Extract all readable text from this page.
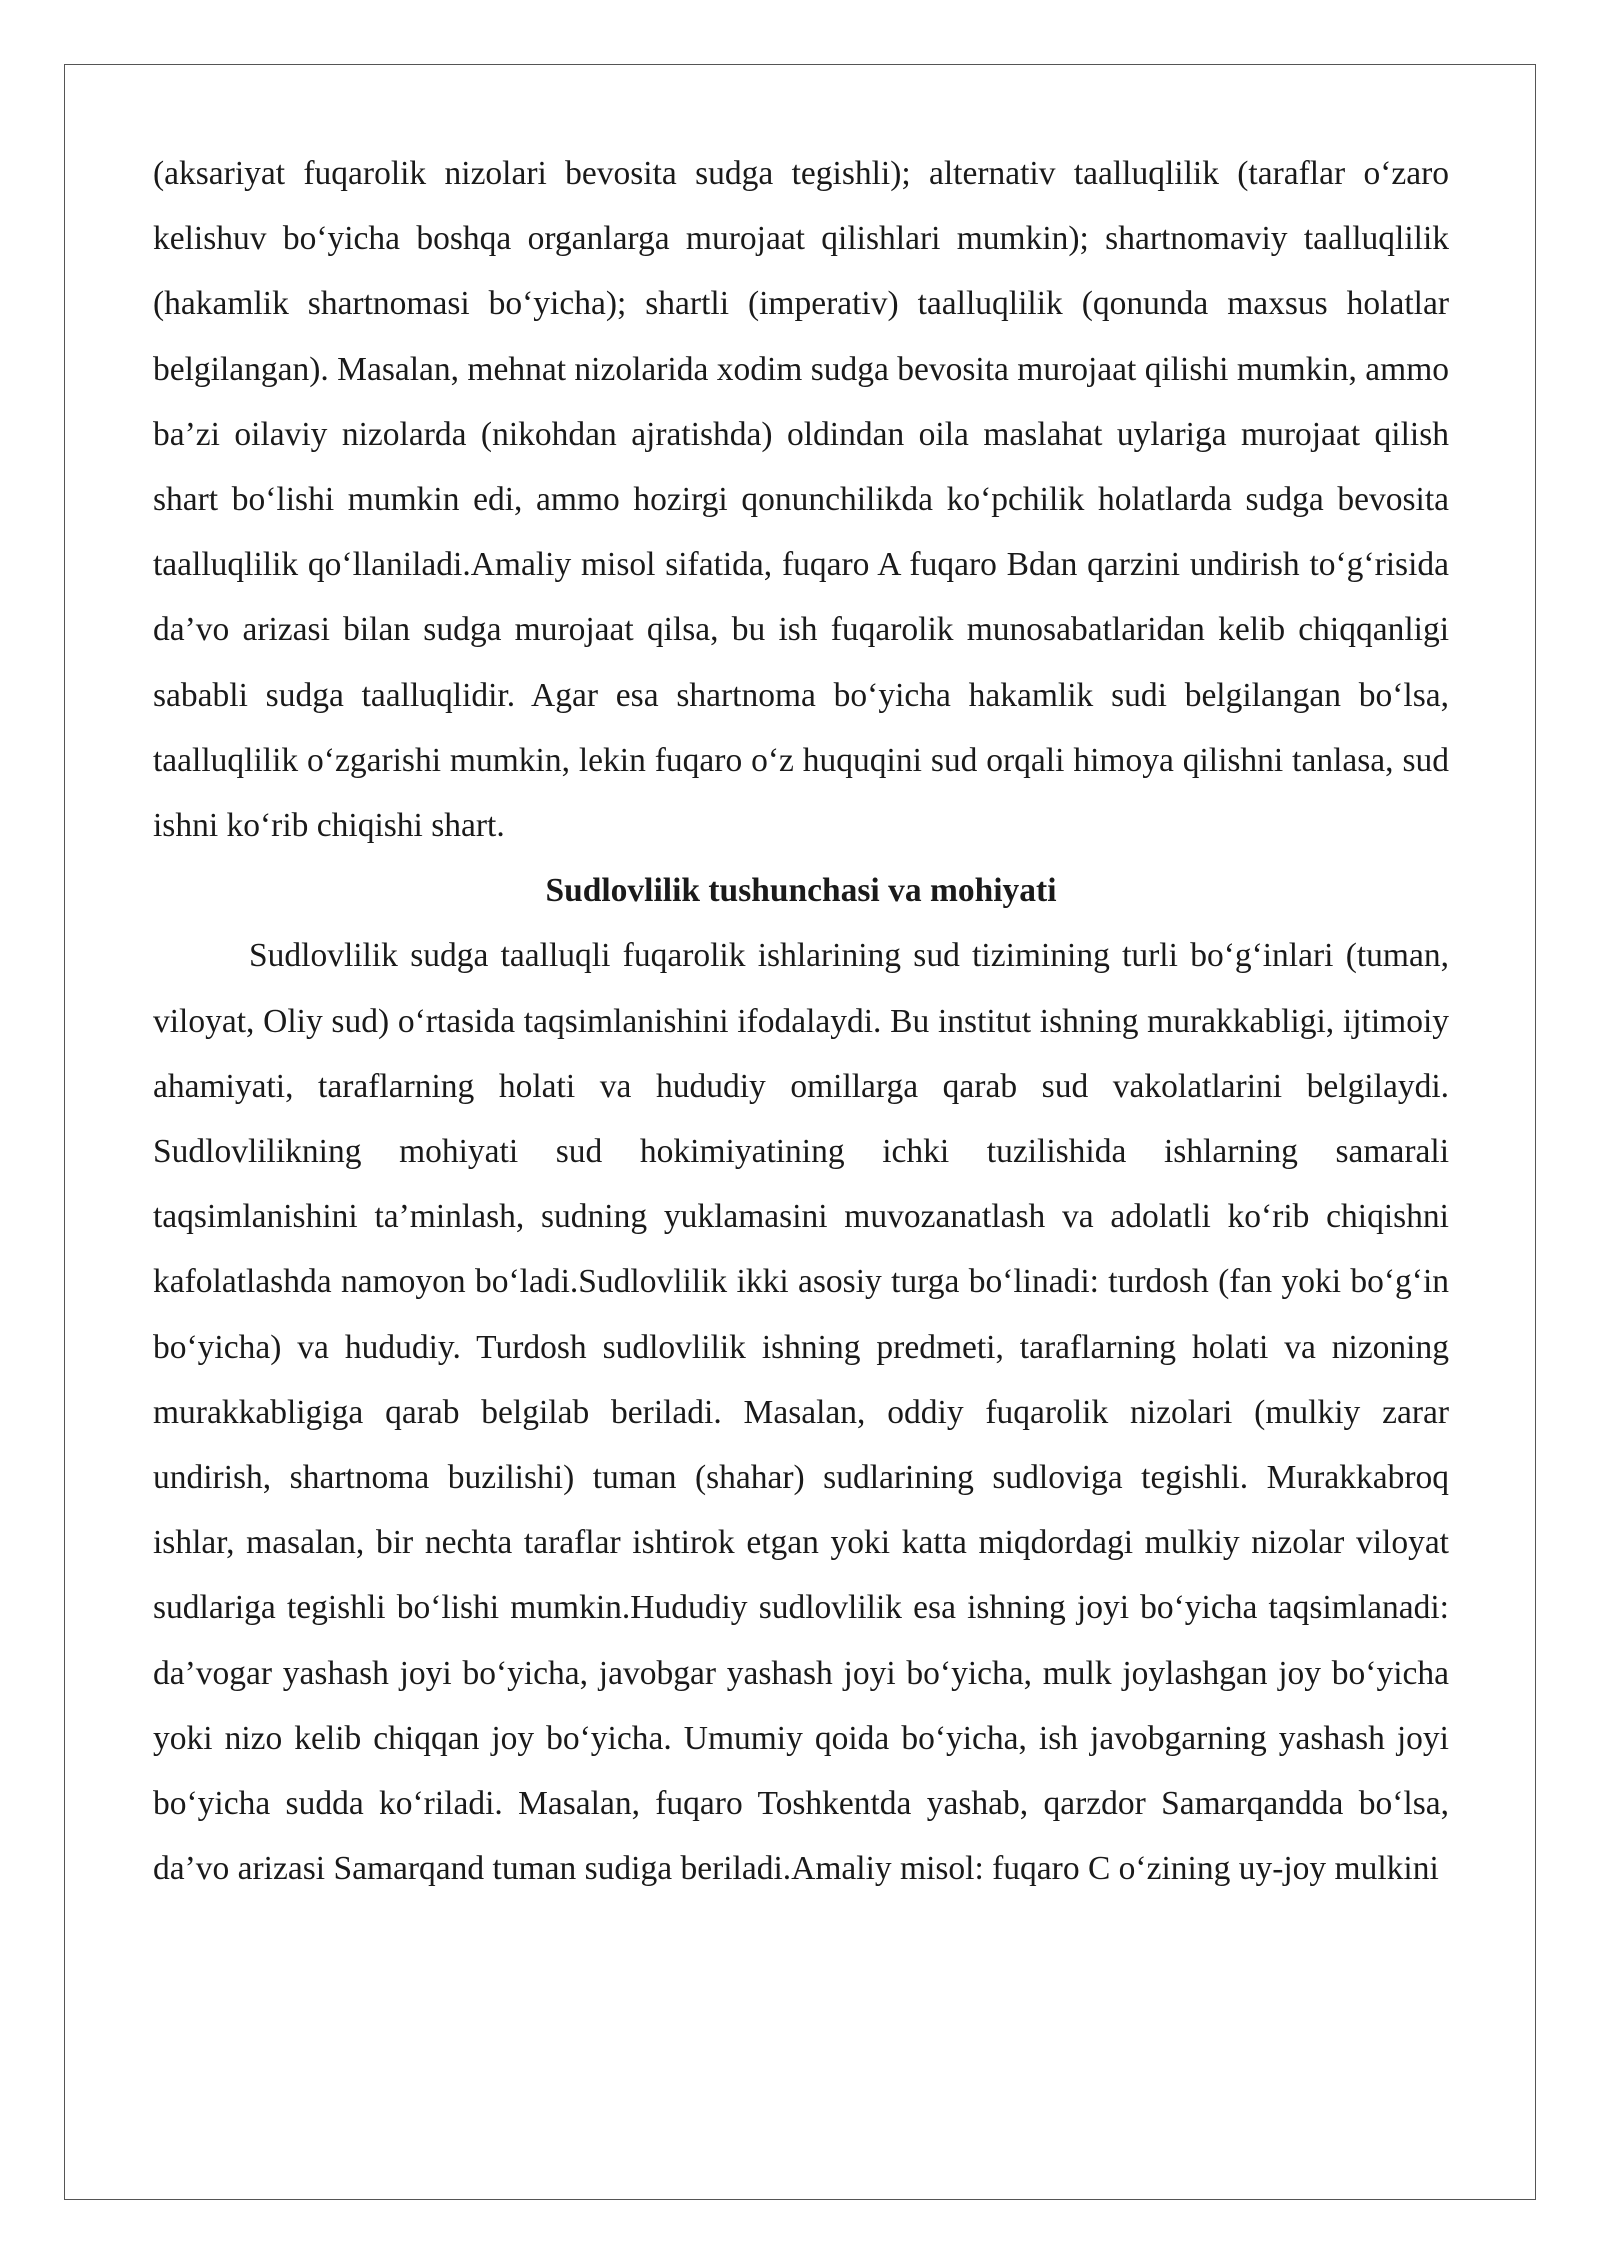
(aksariyat fuqarolik nizolari bevosita sudga tegishli); alternativ taalluqlilik (taraflar o‘zaro kelishuv bo‘yicha boshqa organlarga murojaat qilishlari mumkin); shartnomaviy taalluqlilik (hakamlik shartnomasi bo‘yicha); shartli (imperativ) taalluqlilik (qonunda maxsus holatlar belgilangan). Masalan, mehnat nizolarida xodim sudga bevosita murojaat qilishi mumkin, ammo ba’zi oilaviy nizolarda (nikohdan ajratishda) oldindan oila maslahat uylariga murojaat qilish shart bo‘lishi mumkin edi, ammo hozirgi qonunchilikda ko‘pchilik holatlarda sudga bevosita taalluqlilik qo‘llaniladi.Amaliy misol sifatida, fuqaro A fuqaro Bdan qarzini undirish to‘g‘risida da’vo arizasi bilan sudga murojaat qilsa, bu ish fuqarolik munosabatlaridan kelib chiqqanligi sababli sudga taalluqlidir. Agar esa shartnoma bo‘yicha hakamlik sudi belgilangan bo‘lsa, taalluqlilik o‘zgarishi mumkin, lekin fuqaro o‘z huquqini sud orqali himoya qilishni tanlasa, sud ishni ko‘rib chiqishi shart.

Sudlovlilik tushunchasi va mohiyati

Sudlovlilik sudga taalluqli fuqarolik ishlarining sud tizimining turli bo‘g‘inlari (tuman, viloyat, Oliy sud) o‘rtasida taqsimlanishini ifodalaydi. Bu institut ishning murakkabligi, ijtimoiy ahamiyati, taraflarning holati va hududiy omillarga qarab sud vakolatlarini belgilaydi. Sudlovlilikning mohiyati sud hokimiyatining ichki tuzilishida ishlarning samarali taqsimlanishini ta’minlash, sudning yuklamasini muvozanatlash va adolatli ko‘rib chiqishni kafolatlashda namoyon bo‘ladi.Sudlovlilik ikki asosiy turga bo‘linadi: turdosh (fan yoki bo‘g‘in bo‘yicha) va hududiy. Turdosh sudlovlilik ishning predmeti, taraflarning holati va nizoning murakkabligiga qarab belgilab beriladi. Masalan, oddiy fuqarolik nizolari (mulkiy zarar undirish, shartnoma buzilishi) tuman (shahar) sudlarining sudloviga tegishli. Murakkabroq ishlar, masalan, bir nechta taraflar ishtirok etgan yoki katta miqdordagi mulkiy nizolar viloyat sudlariga tegishli bo‘lishi mumkin.Hududiy sudlovlilik esa ishning joyi bo‘yicha taqsimlanadi: da’vogar yashash joyi bo‘yicha, javobgar yashash joyi bo‘yicha, mulk joylashgan joy bo‘yicha yoki nizo kelib chiqqan joy bo‘yicha. Umumiy qoida bo‘yicha, ish javobgarning yashash joyi bo‘yicha sudda ko‘riladi. Masalan, fuqaro Toshkentda yashab, qarzdor Samarqandda bo‘lsa, da’vo arizasi Samarqand tuman sudiga beriladi.Amaliy misol: fuqaro C o‘zining uy-joy mulkini
